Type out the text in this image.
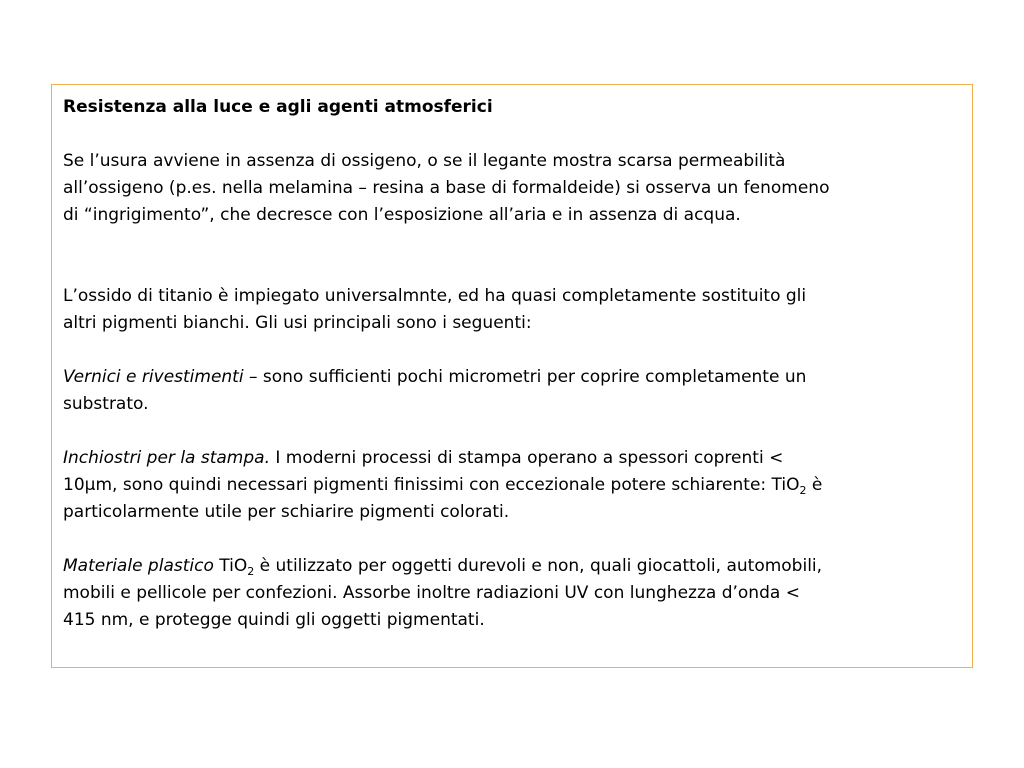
Resistenza alla luce e agli agenti atmosferici
Se l’usura avviene in assenza di ossigeno, o se il legante mostra scarsa permeabilità
all’ossigeno (p.es. nella melamina – resina a base di formaldeide) si osserva un fenomeno
di “ingrigimento”, che decresce con l’esposizione all’aria e in assenza di acqua.
L’ossido di titanio è impiegato universalmnte, ed ha quasi completamente sostituito gli
altri pigmenti bianchi. Gli usi principali sono i seguenti:
Vernici e rivestimenti – sono sufficienti pochi micrometri per coprire completamente un
substrato.
Inchiostri per la stampa. I moderni processi di stampa operano a spessori coprenti <
10μm, sono quindi necessari pigmenti finissimi con eccezionale potere schiarente: TiO$_2$ è
particolarmente utile per schiarire pigmenti colorati.
Materiale plastico TiO$_2$ è utilizzato per oggetti durevoli e non, quali giocattoli, automobili,
mobili e pellicole per confezioni. Assorbe inoltre radiazioni UV con lunghezza d’onda <
415 nm, e protegge quindi gli oggetti pigmentati.
